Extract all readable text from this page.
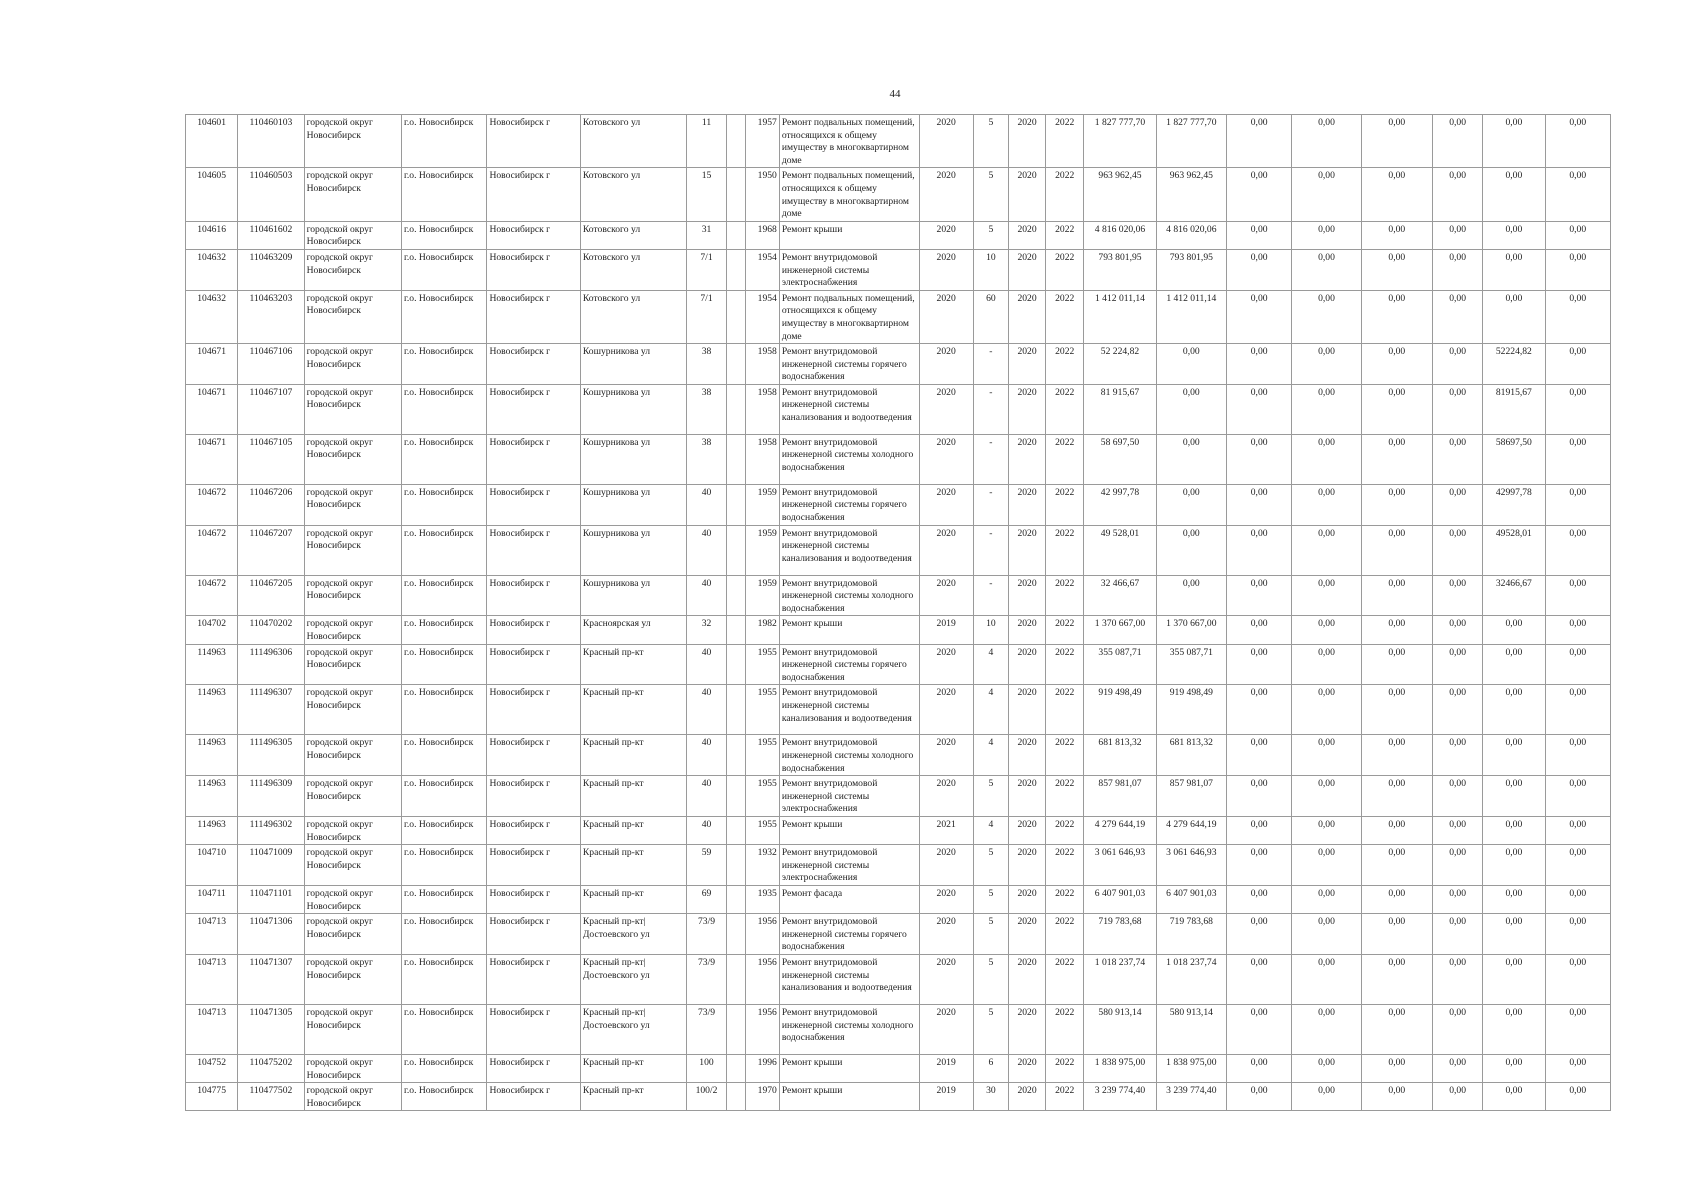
44
104601	110460103	городской округ Новосибирск	г.о. Новосибирск	Новосибирск г	Котовского ул	11		1957	Ремонт подвальных помещений, относящихся к общему имуществу в многоквартирном доме	2020	5	2020	2022	1 827 777,70	1 827 777,70	0,00	0,00	0,00	0,00	0,00	0,00
104605	110460503	городской округ Новосибирск	г.о. Новосибирск	Новосибирск г	Котовского ул	15		1950	Ремонт подвальных помещений, относящихся к общему имуществу в многоквартирном доме	2020	5	2020	2022	963 962,45	963 962,45	0,00	0,00	0,00	0,00	0,00	0,00
104616	110461602	городской округ Новосибирск	г.о. Новосибирск	Новосибирск г	Котовского ул	31		1968	Ремонт крыши	2020	5	2020	2022	4 816 020,06	4 816 020,06	0,00	0,00	0,00	0,00	0,00	0,00
104632	110463209	городской округ Новосибирск	г.о. Новосибирск	Новосибирск г	Котовского ул	7/1		1954	Ремонт внутридомовой инженерной системы электроснабжения	2020	10	2020	2022	793 801,95	793 801,95	0,00	0,00	0,00	0,00	0,00	0,00
104632	110463203	городской округ Новосибирск	г.о. Новосибирск	Новосибирск г	Котовского ул	7/1		1954	Ремонт подвальных помещений, относящихся к общему имуществу в многоквартирном доме	2020	60	2020	2022	1 412 011,14	1 412 011,14	0,00	0,00	0,00	0,00	0,00	0,00
104671	110467106	городской округ Новосибирск	г.о. Новосибирск	Новосибирск г	Кошурникова ул	38		1958	Ремонт внутридомовой инженерной системы горячего водоснабжения	2020	-	2020	2022	52 224,82	0,00	0,00	0,00	0,00	0,00	52224,82	0,00
104671	110467107	городской округ Новосибирск	г.о. Новосибирск	Новосибирск г	Кошурникова ул	38		1958	Ремонт внутридомовой инженерной системы канализования и водоотведения	2020	-	2020	2022	81 915,67	0,00	0,00	0,00	0,00	0,00	81915,67	0,00
104671	110467105	городской округ Новосибирск	г.о. Новосибирск	Новосибирск г	Кошурникова ул	38		1958	Ремонт внутридомовой инженерной системы холодного водоснабжения	2020	-	2020	2022	58 697,50	0,00	0,00	0,00	0,00	0,00	58697,50	0,00
104672	110467206	городской округ Новосибирск	г.о. Новосибирск	Новосибирск г	Кошурникова ул	40		1959	Ремонт внутридомовой инженерной системы горячего водоснабжения	2020	-	2020	2022	42 997,78	0,00	0,00	0,00	0,00	0,00	42997,78	0,00
104672	110467207	городской округ Новосибирск	г.о. Новосибирск	Новосибирск г	Кошурникова ул	40		1959	Ремонт внутридомовой инженерной системы канализования и водоотведения	2020	-	2020	2022	49 528,01	0,00	0,00	0,00	0,00	0,00	49528,01	0,00
104672	110467205	городской округ Новосибирск	г.о. Новосибирск	Новосибирск г	Кошурникова ул	40		1959	Ремонт внутридомовой инженерной системы холодного водоснабжения	2020	-	2020	2022	32 466,67	0,00	0,00	0,00	0,00	0,00	32466,67	0,00
104702	110470202	городской округ Новосибирск	г.о. Новосибирск	Новосибирск г	Красноярская ул	32		1982	Ремонт крыши	2019	10	2020	2022	1 370 667,00	1 370 667,00	0,00	0,00	0,00	0,00	0,00	0,00
114963	111496306	городской округ Новосибирск	г.о. Новосибирск	Новосибирск г	Красный пр-кт	40		1955	Ремонт внутридомовой инженерной системы горячего водоснабжения	2020	4	2020	2022	355 087,71	355 087,71	0,00	0,00	0,00	0,00	0,00	0,00
114963	111496307	городской округ Новосибирск	г.о. Новосибирск	Новосибирск г	Красный пр-кт	40		1955	Ремонт внутридомовой инженерной системы канализования и водоотведения	2020	4	2020	2022	919 498,49	919 498,49	0,00	0,00	0,00	0,00	0,00	0,00
114963	111496305	городской округ Новосибирск	г.о. Новосибирск	Новосибирск г	Красный пр-кт	40		1955	Ремонт внутридомовой инженерной системы холодного водоснабжения	2020	4	2020	2022	681 813,32	681 813,32	0,00	0,00	0,00	0,00	0,00	0,00
114963	111496309	городской округ Новосибирск	г.о. Новосибирск	Новосибирск г	Красный пр-кт	40		1955	Ремонт внутридомовой инженерной системы электроснабжения	2020	5	2020	2022	857 981,07	857 981,07	0,00	0,00	0,00	0,00	0,00	0,00
114963	111496302	городской округ Новосибирск	г.о. Новосибирск	Новосибирск г	Красный пр-кт	40		1955	Ремонт крыши	2021	4	2020	2022	4 279 644,19	4 279 644,19	0,00	0,00	0,00	0,00	0,00	0,00
104710	110471009	городской округ Новосибирск	г.о. Новосибирск	Новосибирск г	Красный пр-кт	59		1932	Ремонт внутридомовой инженерной системы электроснабжения	2020	5	2020	2022	3 061 646,93	3 061 646,93	0,00	0,00	0,00	0,00	0,00	0,00
104711	110471101	городской округ Новосибирск	г.о. Новосибирск	Новосибирск г	Красный пр-кт	69		1935	Ремонт фасада	2020	5	2020	2022	6 407 901,03	6 407 901,03	0,00	0,00	0,00	0,00	0,00	0,00
104713	110471306	городской округ Новосибирск	г.о. Новосибирск	Новосибирск г	Красный пр-кт| Достоевского ул	73/9		1956	Ремонт внутридомовой инженерной системы горячего водоснабжения	2020	5	2020	2022	719 783,68	719 783,68	0,00	0,00	0,00	0,00	0,00	0,00
104713	110471307	городской округ Новосибирск	г.о. Новосибирск	Новосибирск г	Красный пр-кт| Достоевского ул	73/9		1956	Ремонт внутридомовой инженерной системы канализования и водоотведения	2020	5	2020	2022	1 018 237,74	1 018 237,74	0,00	0,00	0,00	0,00	0,00	0,00
104713	110471305	городской округ Новосибирск	г.о. Новосибирск	Новосибирск г	Красный пр-кт| Достоевского ул	73/9		1956	Ремонт внутридомовой инженерной системы холодного водоснабжения	2020	5	2020	2022	580 913,14	580 913,14	0,00	0,00	0,00	0,00	0,00	0,00
104752	110475202	городской округ Новосибирск	г.о. Новосибирск	Новосибирск г	Красный пр-кт	100		1996	Ремонт крыши	2019	6	2020	2022	1 838 975,00	1 838 975,00	0,00	0,00	0,00	0,00	0,00	0,00
104775	110477502	городской округ Новосибирск	г.о. Новосибирск	Новосибирск г	Красный пр-кт	100/2		1970	Ремонт крыши	2019	30	2020	2022	3 239 774,40	3 239 774,40	0,00	0,00	0,00	0,00	0,00	0,00
